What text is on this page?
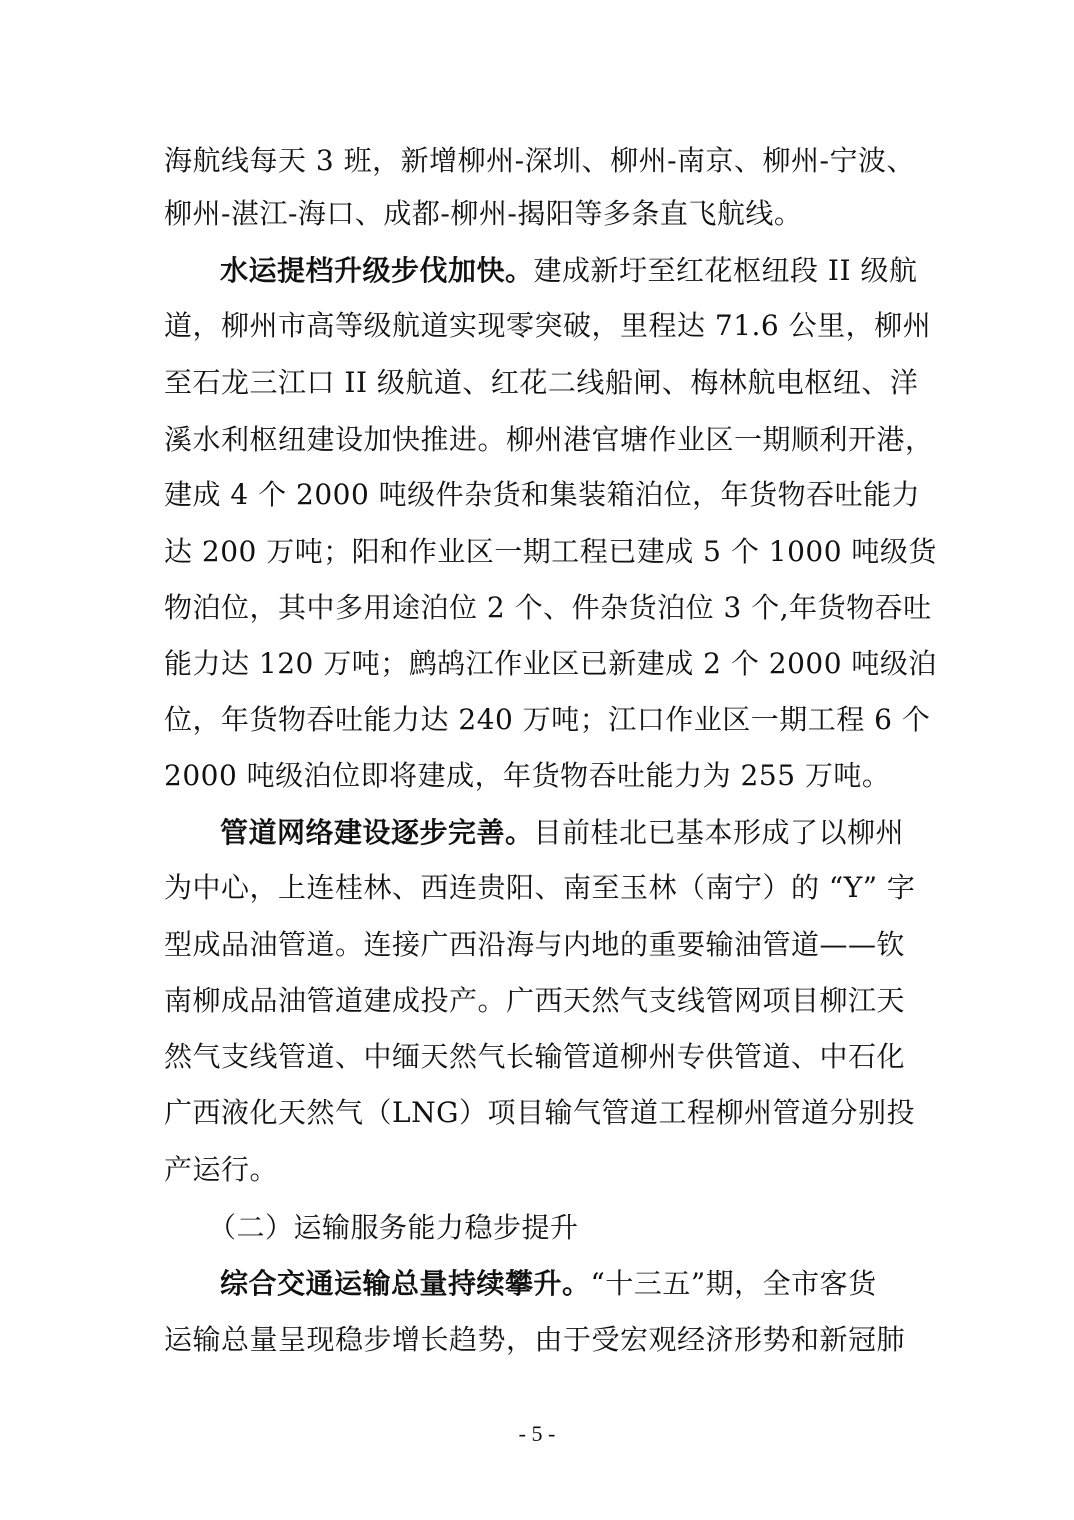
海航线每天 3 班，新增柳州-深圳、柳州-南京、柳州-宁波、
柳州-湛江-海口、成都-柳州-揭阳等多条直飞航线。
水运提档升级步伐加快。建成新圩至红花枢纽段 II 级航
道，柳州市高等级航道实现零突破，里程达 71.6 公里，柳州
至石龙三江口 II 级航道、红花二线船闸、梅林航电枢纽、洋
溪水利枢纽建设加快推进。柳州港官塘作业区一期顺利开港，
建成 4 个 2000 吨级件杂货和集装箱泊位，年货物吞吐能力
达 200 万吨；阳和作业区一期工程已建成 5 个 1000 吨级货
物泊位，其中多用途泊位 2 个、件杂货泊位 3 个,年货物吞吐
能力达 120 万吨；鹧鸪江作业区已新建成 2 个 2000 吨级泊
位，年货物吞吐能力达 240 万吨；江口作业区一期工程 6 个
2000 吨级泊位即将建成，年货物吞吐能力为 255 万吨。
管道网络建设逐步完善。目前桂北已基本形成了以柳州
为中心，上连桂林、西连贵阳、南至玉林（南宁）的 “Y” 字
型成品油管道。连接广西沿海与内地的重要输油管道——钦
南柳成品油管道建成投产。广西天然气支线管网项目柳江天
然气支线管道、中缅天然气长输管道柳州专供管道、中石化
广西液化天然气（LNG）项目输气管道工程柳州管道分别投
产运行。
（二）运输服务能力稳步提升
综合交通运输总量持续攀升。“十三五”期，全市客货
运输总量呈现稳步增长趋势，由于受宏观经济形势和新冠肺
- 5 -
